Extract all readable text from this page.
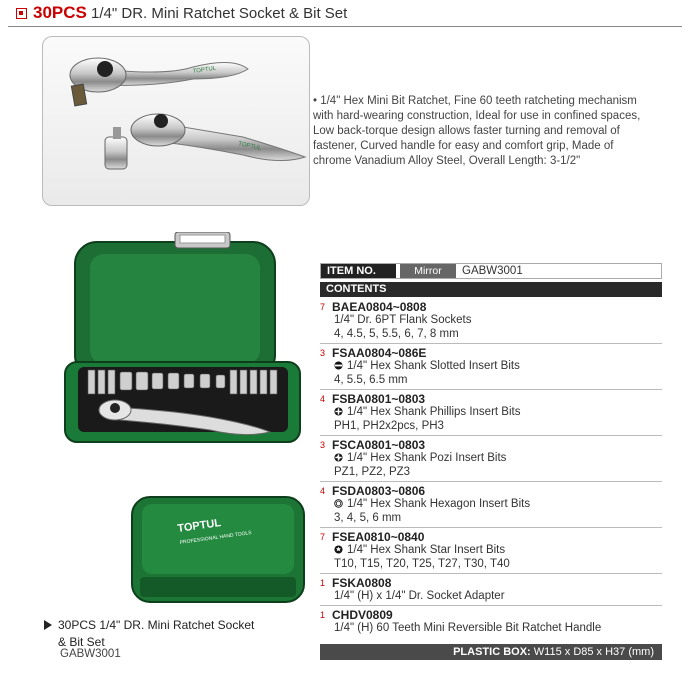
30PCS 1/4" DR. Mini Ratchet Socket & Bit Set
TOPTUL
TOPTUL
• 1/4" Hex Mini Bit Ratchet, Fine 60 teeth ratcheting mechanism with hard-wearing construction, Ideal for use in confined spaces, Low back-torque design allows faster turning and removal of fastener, Curved handle for easy and comfort grip, Made of chrome Vanadium Alloy Steel, Overall Length: 3-1/2"
TOPTUL
PROFESSIONAL HAND TOOLS
30PCS 1/4" DR. Mini Ratchet Socket & Bit Set
GABW3001
ITEM NO.	Mirror	GABW3001
CONTENTS
7 BAEA0804~0808
1/4" Dr. 6PT Flank Sockets
4, 4.5, 5, 5.5, 6, 7, 8 mm
3 FSAA0804~086E
1/4" Hex Shank Slotted Insert Bits
4, 5.5, 6.5 mm
4 FSBA0801~0803
1/4" Hex Shank Phillips Insert Bits
PH1, PH2x2pcs, PH3
3 FSCA0801~0803
1/4" Hex Shank Pozi Insert Bits
PZ1, PZ2, PZ3
4 FSDA0803~0806
1/4" Hex Shank Hexagon Insert Bits
3, 4, 5, 6 mm
7 FSEA0810~0840
1/4" Hex Shank Star Insert Bits
T10, T15, T20, T25, T27, T30, T40
1 FSKA0808
1/4" (H) x 1/4" Dr. Socket Adapter
1 CHDV0809
1/4" (H) 60 Teeth Mini Reversible Bit Ratchet Handle
PLASTIC BOX: W115 x D85 x H37 (mm)
